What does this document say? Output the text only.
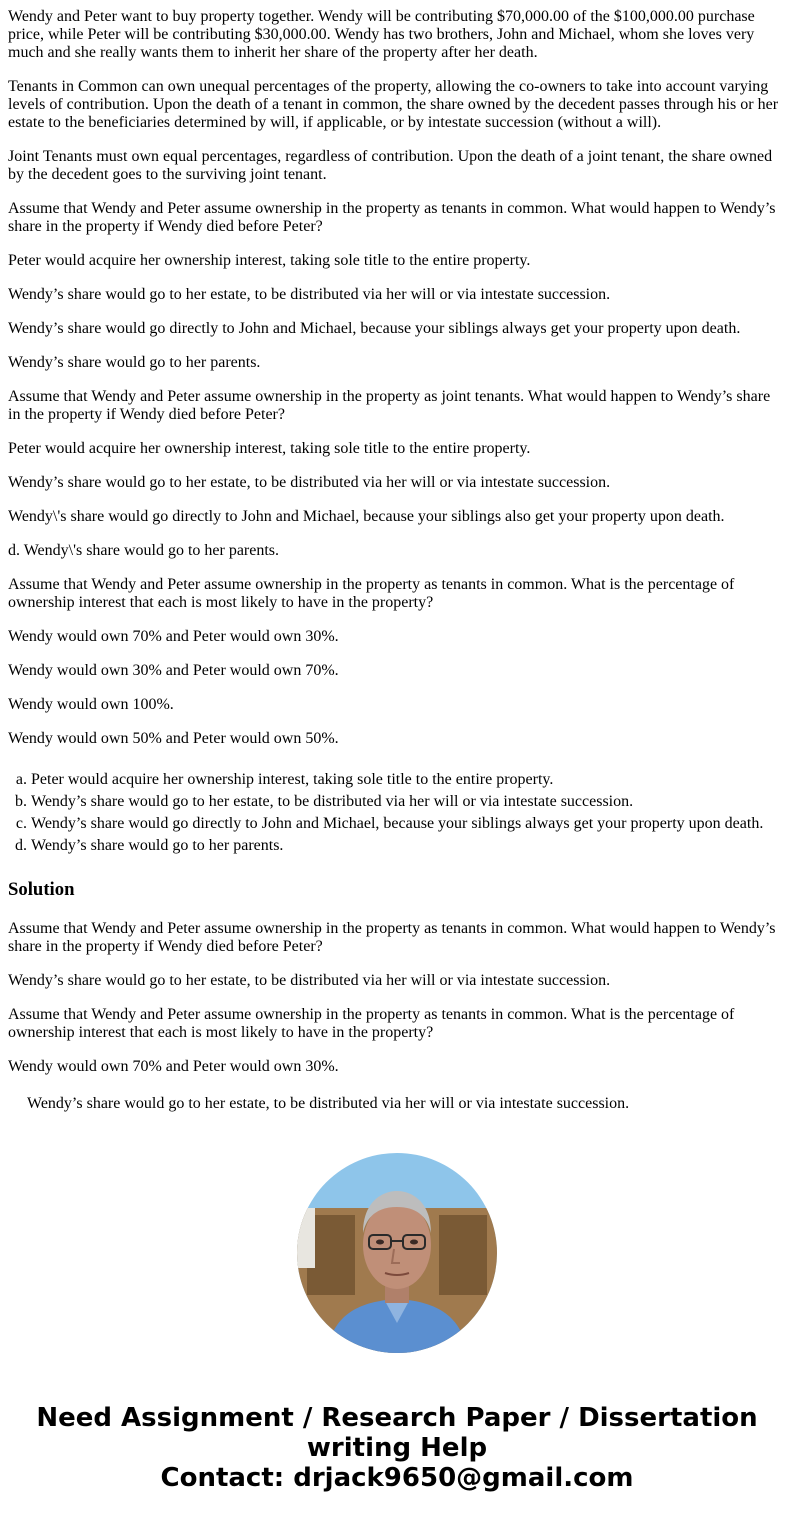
Wendy and Peter want to buy property together. Wendy will be contributing $70,000.00 of the $100,000.00 purchase price, while Peter will be contributing $30,000.00. Wendy has two brothers, John and Michael, whom she loves very much and she really wants them to inherit her share of the property after her death.

Tenants in Common can own unequal percentages of the property, allowing the co-owners to take into account varying levels of contribution. Upon the death of a tenant in common, the share owned by the decedent passes through his or her estate to the beneficiaries determined by will, if applicable, or by intestate succession (without a will).

Joint Tenants must own equal percentages, regardless of contribution. Upon the death of a joint tenant, the share owned by the decedent goes to the surviving joint tenant.

Assume that Wendy and Peter assume ownership in the property as tenants in common. What would happen to Wendy’s share in the property if Wendy died before Peter?

Peter would acquire her ownership interest, taking sole title to the entire property.

Wendy’s share would go to her estate, to be distributed via her will or via intestate succession.

Wendy’s share would go directly to John and Michael, because your siblings always get your property upon death.

Wendy’s share would go to her parents.

Assume that Wendy and Peter assume ownership in the property as joint tenants. What would happen to Wendy’s share in the property if Wendy died before Peter?

Peter would acquire her ownership interest, taking sole title to the entire property.

Wendy’s share would go to her estate, to be distributed via her will or via intestate succession.

Wendy\'s share would go directly to John and Michael, because your siblings also get your property upon death.

d. Wendy\'s share would go to her parents.

Assume that Wendy and Peter assume ownership in the property as tenants in common. What is the percentage of ownership interest that each is most likely to have in the property?

Wendy would own 70% and Peter would own 30%.

Wendy would own 30% and Peter would own 70%.

Wendy would own 100%.

Wendy would own 50% and Peter would own 50%.

a. Peter would acquire her ownership interest, taking sole title to the entire property.
b. Wendy’s share would go to her estate, to be distributed via her will or via intestate succession.
c. Wendy’s share would go directly to John and Michael, because your siblings always get your property upon death.
d. Wendy’s share would go to her parents.
Solution

Assume that Wendy and Peter assume ownership in the property as tenants in common. What would happen to Wendy’s share in the property if Wendy died before Peter?

Wendy’s share would go to her estate, to be distributed via her will or via intestate succession.

Assume that Wendy and Peter assume ownership in the property as tenants in common. What is the percentage of ownership interest that each is most likely to have in the property?

Wendy would own 70% and Peter would own 30%.

Wendy’s share would go to her estate, to be distributed via her will or via intestate succession.

Need Assignment / Research Paper / Dissertation
writing Help
Contact: drjack9650@gmail.com
